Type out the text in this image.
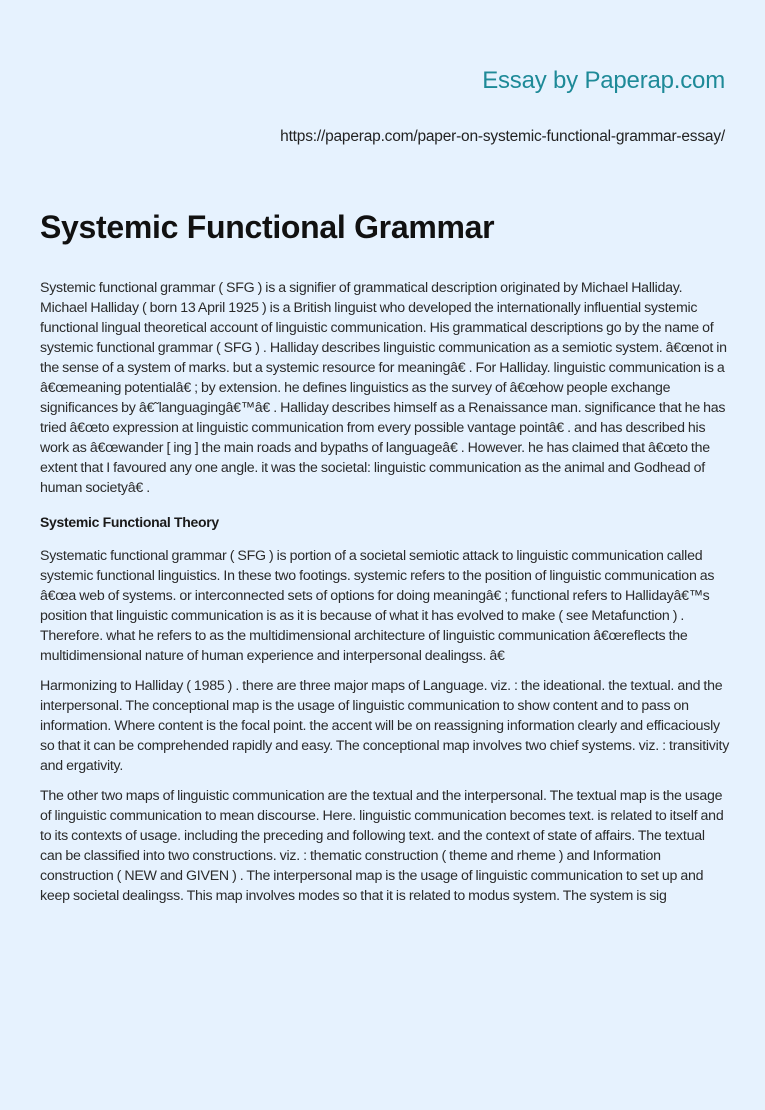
Essay by Paperap.com
https://paperap.com/paper-on-systemic-functional-grammar-essay/
Systemic Functional Grammar

Systemic functional grammar ( SFG ) is a signifier of grammatical description originated by Michael Halliday. Michael Halliday ( born 13 April 1925 ) is a British linguist who developed the internationally influential systemic functional lingual theoretical account of linguistic communication. His grammatical descriptions go by the name of systemic functional grammar ( SFG ) . Halliday describes linguistic communication as a semiotic system. â€œnot in the sense of a system of marks. but a systemic resource for meaningâ€ . For Halliday. linguistic communication is a â€œmeaning potentialâ€ ; by extension. he defines linguistics as the survey of â€œhow people exchange significances by â€˜languagingâ€™â€ . Halliday describes himself as a Renaissance man. significance that he has tried â€œto expression at linguistic communication from every possible vantage pointâ€ . and has described his work as â€œwander [ ing ] the main roads and bypaths of languageâ€ . However. he has claimed that â€œto the extent that I favoured any one angle. it was the societal: linguistic communication as the animal and Godhead of human societyâ€ .

Systemic Functional Theory

Systematic functional grammar ( SFG ) is portion of a societal semiotic attack to linguistic communication called systemic functional linguistics. In these two footings. systemic refers to the position of linguistic communication as â€œa web of systems. or interconnected sets of options for doing meaningâ€ ; functional refers to Hallidayâ€™s position that linguistic communication is as it is because of what it has evolved to make ( see Metafunction ) . Therefore. what he refers to as the multidimensional architecture of linguistic communication â€œreflects the multidimensional nature of human experience and interpersonal dealingss. â€

Harmonizing to Halliday ( 1985 ) . there are three major maps of Language. viz. : the ideational. the textual. and the interpersonal. The conceptional map is the usage of linguistic communication to show content and to pass on information. Where content is the focal point. the accent will be on reassigning information clearly and efficaciously so that it can be comprehended rapidly and easy. The conceptional map involves two chief systems. viz. : transitivity and ergativity.

The other two maps of linguistic communication are the textual and the interpersonal. The textual map is the usage of linguistic communication to mean discourse. Here. linguistic communication becomes text. is related to itself and to its contexts of usage. including the preceding and following text. and the context of state of affairs. The textual can be classified into two constructions. viz. : thematic construction ( theme and rheme ) and Information construction ( NEW and GIVEN ) . The interpersonal map is the usage of linguistic communication to set up and keep societal dealingss. This map involves modes so that it is related to modus system. The system is sig
